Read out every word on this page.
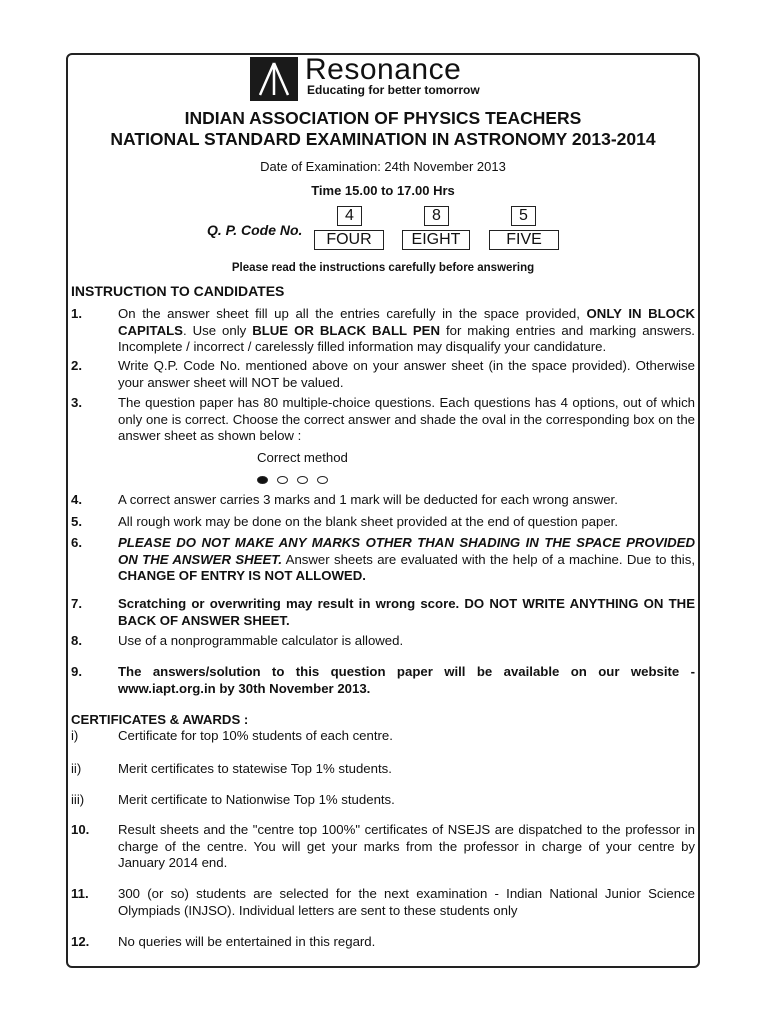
Resonance
Educating for better tomorrow
INDIAN ASSOCIATION OF PHYSICS TEACHERS
NATIONAL STANDARD EXAMINATION IN ASTRONOMY 2013-2014
Date of Examination: 24th November 2013
Time 15.00 to 17.00 Hrs
Q. P. Code No.
4	8	5
FOUR	EIGHT	FIVE
Please read the instructions carefully before answering
INSTRUCTION TO CANDIDATES
1.	On the answer sheet fill up all the entries carefully in the space provided, ONLY IN BLOCK CAPITALS. Use only BLUE OR BLACK BALL PEN for making entries and marking answers. Incomplete / incorrect / carelessly filled information may disqualify your candidature.
2.	Write Q.P. Code No. mentioned above on your answer sheet (in the space provided). Otherwise your answer sheet will NOT be valued.
3.	The question paper has 80 multiple-choice questions. Each questions has 4 options, out of which only one is correct. Choose the correct answer and shade the oval in the corresponding box on the answer sheet as shown below :
Correct method
4.	A correct answer carries 3 marks and 1 mark will be deducted for each wrong answer.
5.	All rough work may be done on the blank sheet provided at the end of question paper.
6.	PLEASE DO NOT MAKE ANY MARKS OTHER THAN SHADING IN THE SPACE PROVIDED ON THE ANSWER SHEET. Answer sheets are evaluated with the help of a machine. Due to this, CHANGE OF ENTRY IS NOT ALLOWED.
7.	Scratching or overwriting may result in wrong score. DO NOT WRITE ANYTHING ON THE BACK OF ANSWER SHEET.
8.	Use of a nonprogrammable calculator is allowed.
9.	The answers/solution to this question paper will be available on our website - www.iapt.org.in by 30th November 2013.
CERTIFICATES & AWARDS :
i)	Certificate for top 10% students of each centre.
ii)	Merit certificates to statewise Top 1% students.
iii)	Merit certificate to Nationwise Top 1% students.
10. Result sheets and the "centre top 100%" certificates of NSEJS are dispatched to the professor in charge of the centre. You will get your marks from the professor in charge of your centre by January 2014 end.
11. 300 (or so) students are selected for the next examination - Indian National Junior Science Olympiads (INJSO). Individual letters are sent to these students only
12. No queries will be entertained in this regard.
